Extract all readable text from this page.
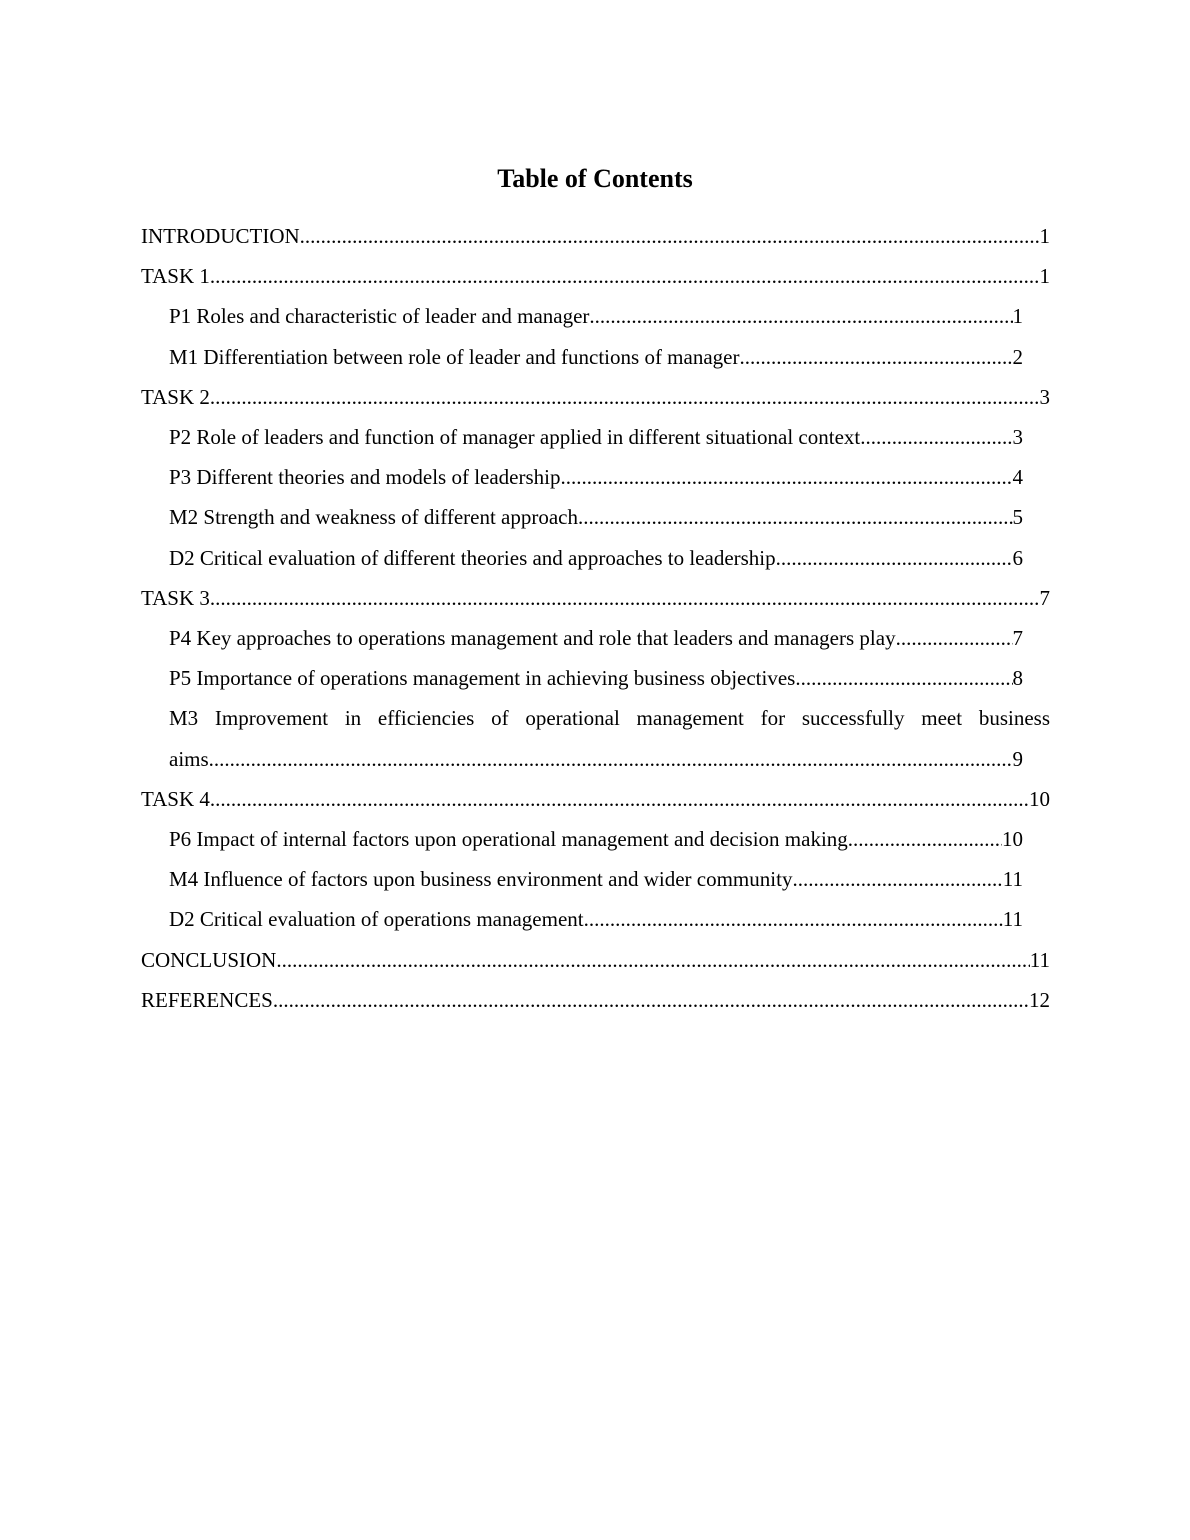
Table of Contents
INTRODUCTION .....	1
TASK 1 .....	1
P1 Roles and characteristic of leader and manager .....	1
M1 Differentiation between role of leader and functions of manager .....	2
TASK 2 .....	3
P2 Role of leaders and function of manager applied in different situational context .....	3
P3 Different theories and models of leadership .....	4
M2 Strength and weakness of different approach .....	5
D2 Critical evaluation of different theories and approaches to leadership .....	6
TASK 3 .....	7
P4 Key approaches to operations management and role that leaders and managers play .....	7
P5 Importance of operations management in achieving business objectives .....	8
M3 Improvement in efficiencies of operational management for successfully meet business
aims .....	9
TASK 4 .....	10
P6 Impact of internal factors upon operational management and decision making .....	10
M4 Influence of factors upon business environment and wider community .....	11
D2 Critical evaluation of operations management .....	11
CONCLUSION .....	11
REFERENCES .....	12
